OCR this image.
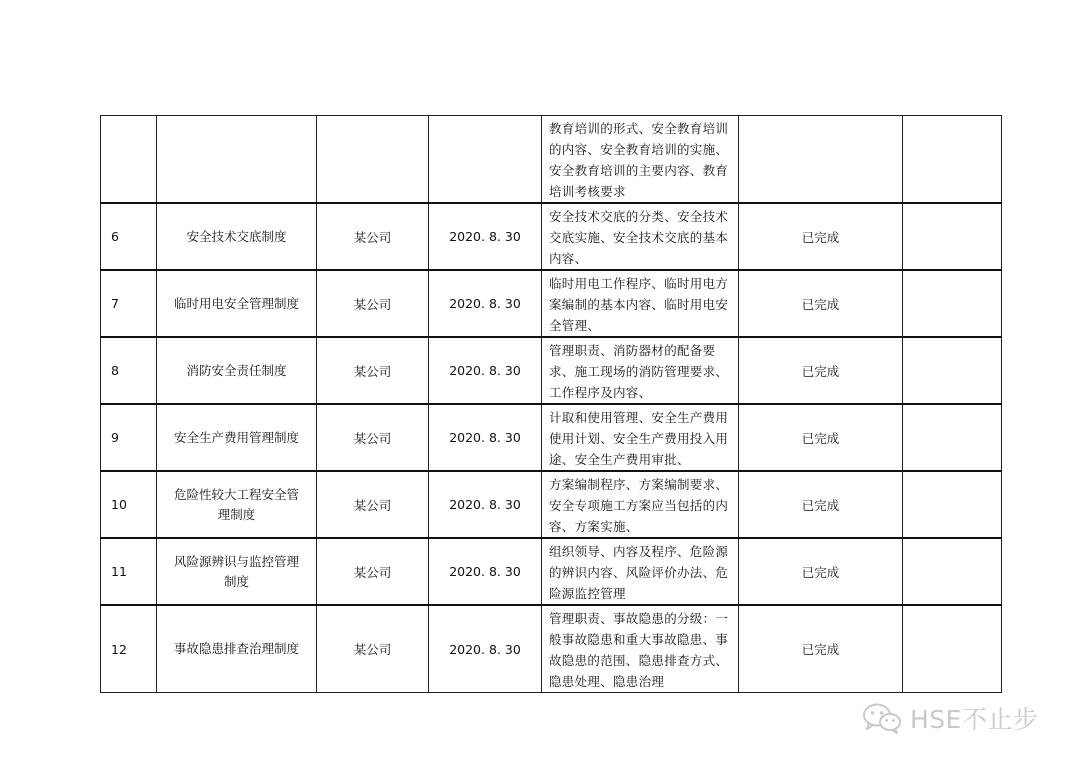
				教育培训的形式、安全教育培训的内容、安全教育培训的实施、安全教育培训的主要内容、教育培训考核要求		
6	安全技术交底制度	某公司	2020. 8. 30	安全技术交底的分类、安全技术交底实施、安全技术交底的基本内容、	已完成	
7	临时用电安全管理制度	某公司	2020. 8. 30	临时用电工作程序、临时用电方案编制的基本内容、临时用电安全管理、	已完成	
8	消防安全责任制度	某公司	2020. 8. 30	管理职责、消防器材的配备要求、施工现场的消防管理要求、工作程序及内容、	已完成	
9	安全生产费用管理制度	某公司	2020. 8. 30	计取和使用管理、安全生产费用使用计划、安全生产费用投入用途、安全生产费用审批、	已完成	
10	危险性较大工程安全管理制度	某公司	2020. 8. 30	方案编制程序、方案编制要求、安全专项施工方案应当包括的内容、方案实施、	已完成	
11	风险源辨识与监控管理制度	某公司	2020. 8. 30	组织领导、内容及程序、危险源的辨识内容、风险评价办法、危险源监控管理	已完成	
12	事故隐患排查治理制度	某公司	2020. 8. 30	管理职责、事故隐患的分级：一般事故隐患和重大事故隐患、事故隐患的范围、隐患排查方式、隐患处理、隐患治理	已完成	
HSE不止步
